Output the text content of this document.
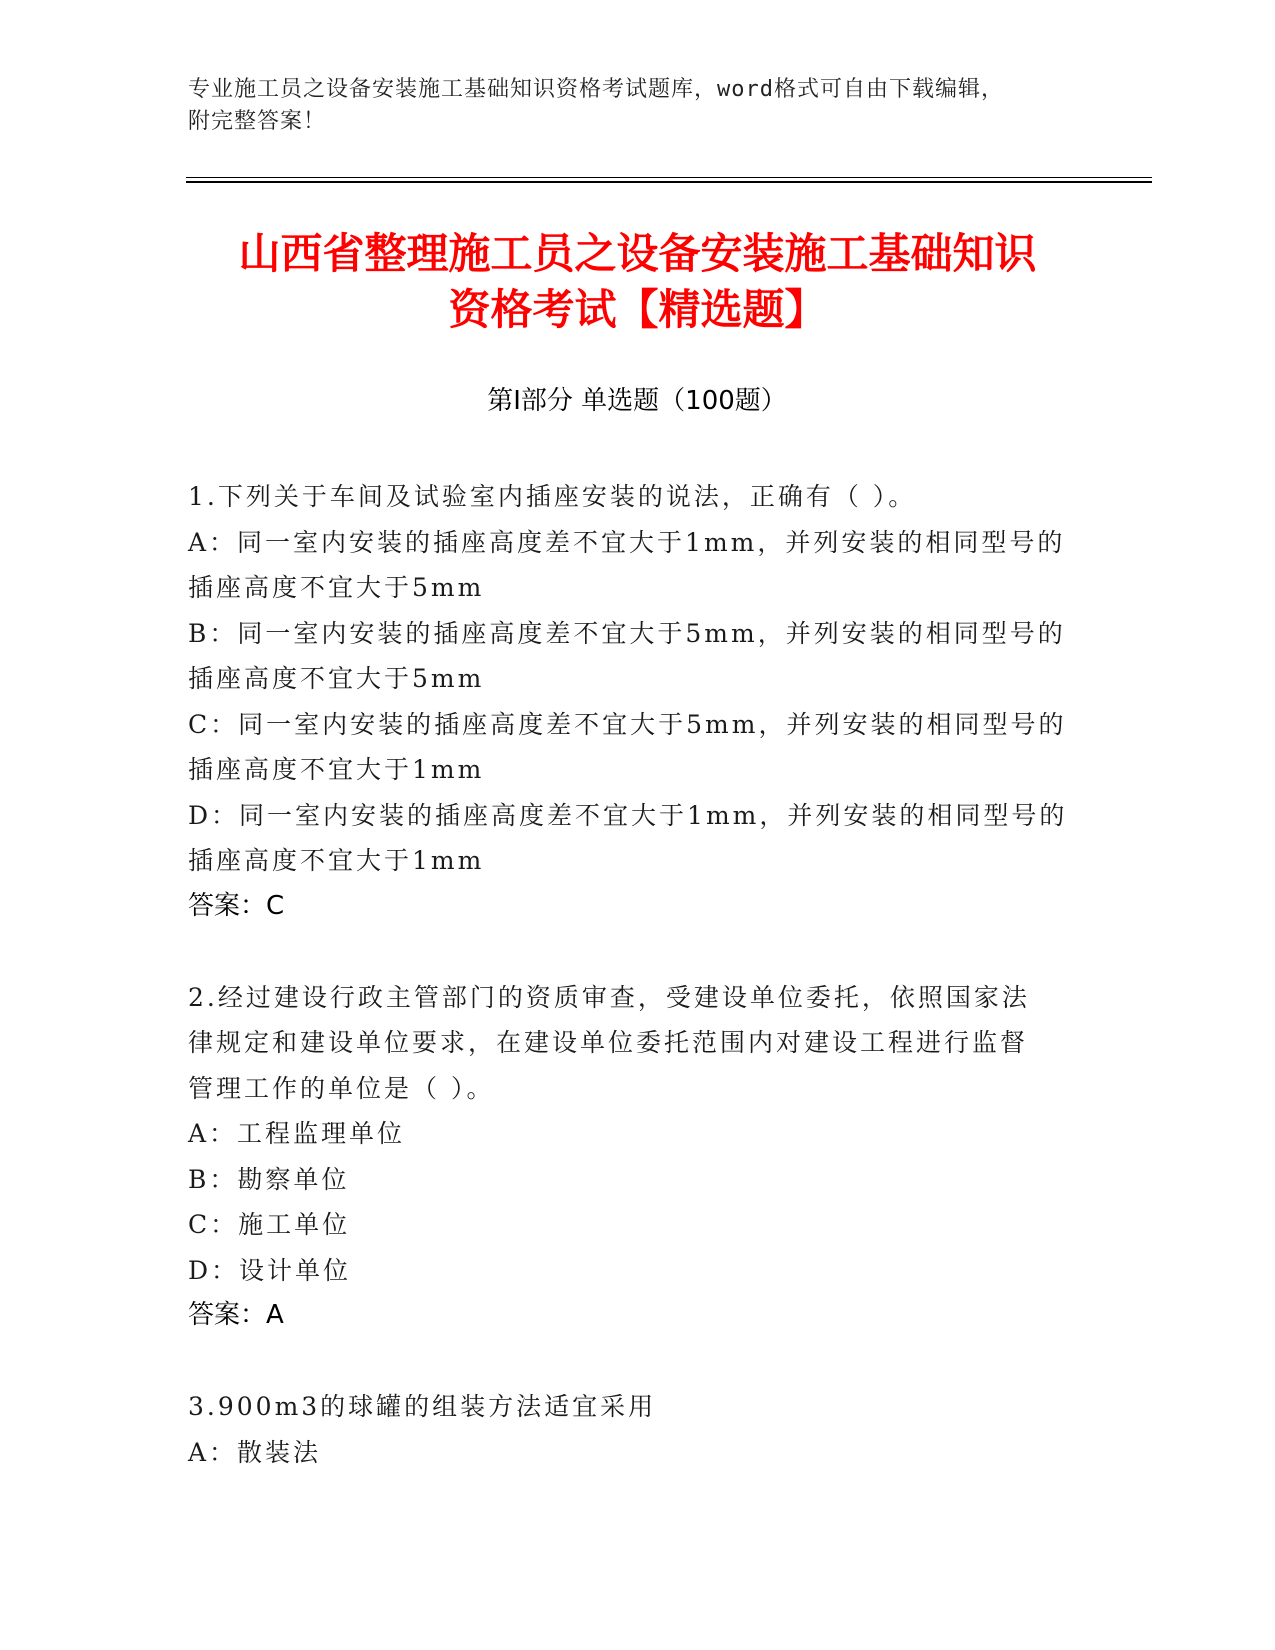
专业施工员之设备安装施工基础知识资格考试题库，word格式可自由下载编辑，
附完整答案！
山西省整理施工员之设备安装施工基础知识
资格考试【精选题】
第Ⅰ部分 单选题（100题）
1.下列关于车间及试验室内插座安装的说法，正确有（ ）。
A：同一室内安装的插座高度差不宜大于1mm，并列安装的相同型号的
插座高度不宜大于5mm
B：同一室内安装的插座高度差不宜大于5mm，并列安装的相同型号的
插座高度不宜大于5mm
C：同一室内安装的插座高度差不宜大于5mm，并列安装的相同型号的
插座高度不宜大于1mm
D：同一室内安装的插座高度差不宜大于1mm，并列安装的相同型号的
插座高度不宜大于1mm
答案：C
2.经过建设行政主管部门的资质审查，受建设单位委托，依照国家法
律规定和建设单位要求，在建设单位委托范围内对建设工程进行监督
管理工作的单位是（ ）。
A：工程监理单位
B：勘察单位
C：施工单位
D：设计单位
答案：A
3.900m3的球罐的组装方法适宜采用
A：散装法
